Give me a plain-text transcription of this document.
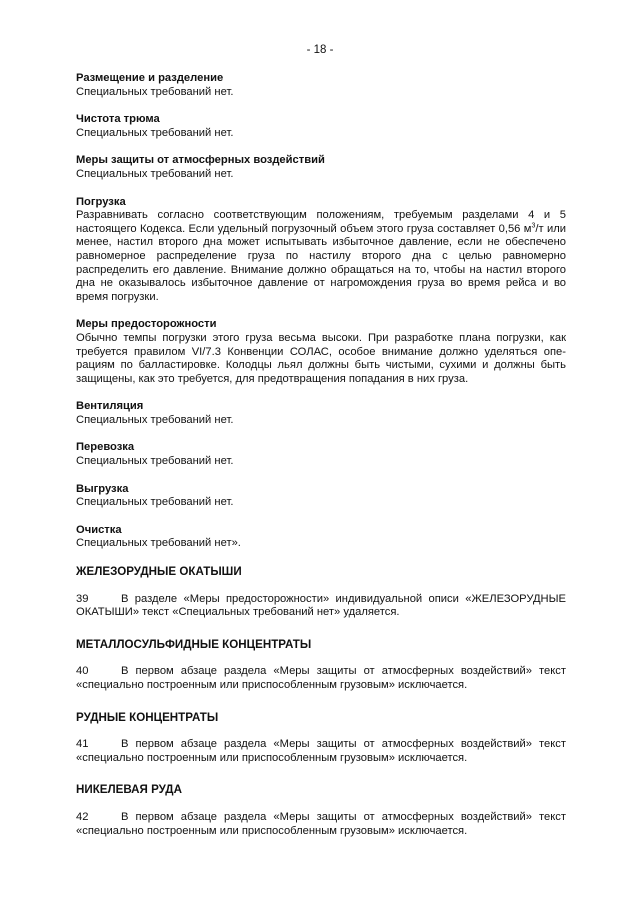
- 18 -
Размещение и разделение
Специальных требований нет.
Чистота трюма
Специальных требований нет.
Меры защиты от атмосферных воздействий
Специальных требований нет.
Погрузка
Разравнивать согласно соответствующим положениям, требуемым разделами 4 и 5 настоящего Кодекса. Если удельный погрузочный объем этого груза составляет 0,56 $м^3/т$ или менее, настил второго дна может испытывать избыточное давление, если не обеспечено равномерное распределение груза по настилу второго дна с целью равномерно распределить его давление. Внимание должно обращаться на то, чтобы на настил второго дна не оказывалось избыточное давление от нагромождения груза во время рейса и во время погрузки.
Меры предосторожности
Обычно темпы погрузки этого груза весьма высоки. При разработке плана погрузки, как требуется правилом VI/7.3 Конвенции СОЛАС, особое внимание должно уделяться операциям по балластировке. Колодцы льял должны быть чистыми, сухими и должны быть защищены, как это требуется, для предотвращения попадания в них груза.
Вентиляция
Специальных требований нет.
Перевозка
Специальных требований нет.
Выгрузка
Специальных требований нет.
Очистка
Специальных требований нет».
ЖЕЛЕЗОРУДНЫЕ ОКАТЫШИ
39	В разделе «Меры предосторожности» индивидуальной описи «ЖЕЛЕЗОРУДНЫЕ ОКАТЫШИ» текст «Специальных требований нет» удаляется.
МЕТАЛЛОСУЛЬФИДНЫЕ КОНЦЕНТРАТЫ
40	В первом абзаце раздела «Меры защиты от атмосферных воздействий» текст «специально построенным или приспособленным грузовым» исключается.
РУДНЫЕ КОНЦЕНТРАТЫ
41	В первом абзаце раздела «Меры защиты от атмосферных воздействий» текст «специально построенным или приспособленным грузовым» исключается.
НИКЕЛЕВАЯ РУДА
42	В первом абзаце раздела «Меры защиты от атмосферных воздействий» текст «специально построенным или приспособленным грузовым» исключается.
